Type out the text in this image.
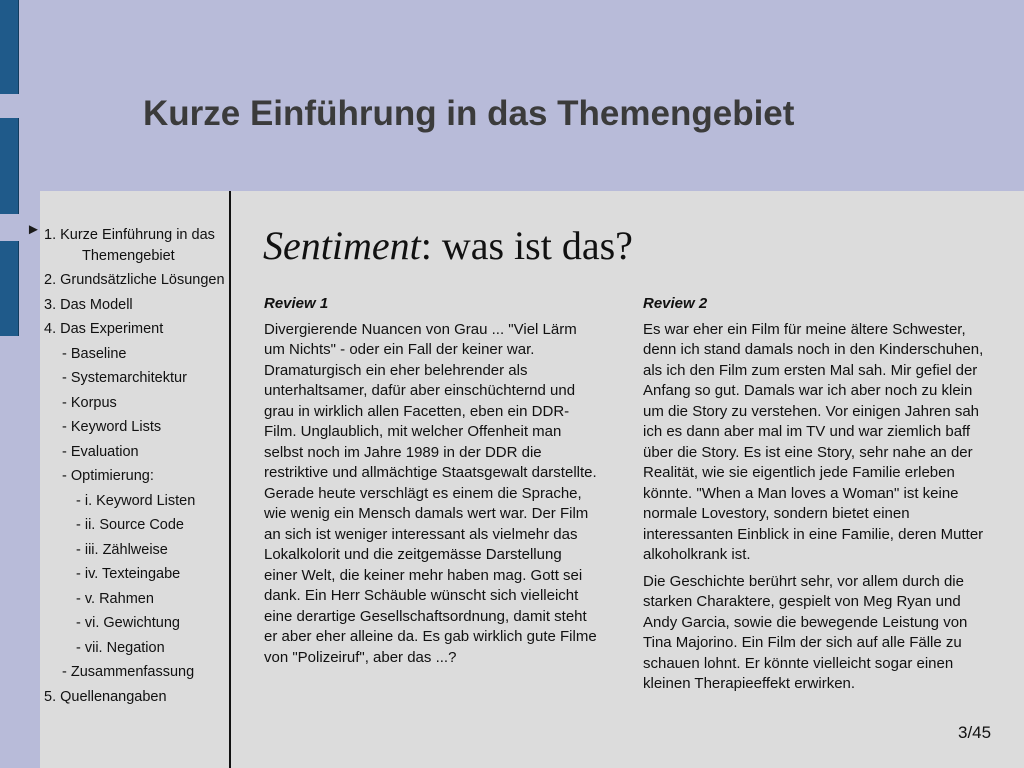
Kurze Einführung in das Themengebiet
► 1. Kurze Einführung in das Themengebiet
2. Grundsätzliche Lösungen
3. Das Modell
4. Das Experiment
- Baseline
- Systemarchitektur
- Korpus
- Keyword Lists
- Evaluation
- Optimierung:
- i. Keyword Listen
- ii. Source Code
- iii. Zählweise
- iv. Texteingabe
- v. Rahmen
- vi. Gewichtung
- vii. Negation
- Zusammenfassung
5. Quellenangaben
Sentiment: was ist das?

Review 1

Divergierende Nuancen von Grau ... "Viel Lärm um Nichts" - oder ein Fall der keiner war. Dramaturgisch ein eher belehrender als unterhaltsamer, dafür aber einschüchternd und grau in wirklich allen Facetten, eben ein DDR-Film. Unglaublich, mit welcher Offenheit man selbst noch im Jahre 1989 in der DDR die restriktive und allmächtige Staatsgewalt darstellte. Gerade heute verschlägt es einem die Sprache, wie wenig ein Mensch damals wert war. Der Film an sich ist weniger interessant als vielmehr das Lokalkolorit und die zeitgemässe Darstellung einer Welt, die keiner mehr haben mag. Gott sei dank. Ein Herr Schäuble wünscht sich vielleicht eine derartige Gesellschaftsordnung, damit steht er aber eher alleine da. Es gab wirklich gute Filme von "Polizeiruf", aber das ...?

Review 2

Es war eher ein Film für meine ältere Schwester, denn ich stand damals noch in den Kinderschuhen, als ich den Film zum ersten Mal sah. Mir gefiel der Anfang so gut. Damals war ich aber noch zu klein um die Story zu verstehen. Vor einigen Jahren sah ich es dann aber mal im TV und war ziemlich baff über die Story. Es ist eine Story, sehr nahe an der Realität, wie sie eigentlich jede Familie erleben könnte. "When a Man loves a Woman" ist keine normale Lovestory, sondern bietet einen interessanten Einblick in eine Familie, deren Mutter alkoholkrank ist.

Die Geschichte berührt sehr, vor allem durch die starken Charaktere, gespielt von Meg Ryan und Andy Garcia, sowie die bewegende Leistung von Tina Majorino. Ein Film der sich auf alle Fälle zu schauen lohnt. Er könnte vielleicht sogar einen kleinen Therapieeffekt erwirken.

3/45
